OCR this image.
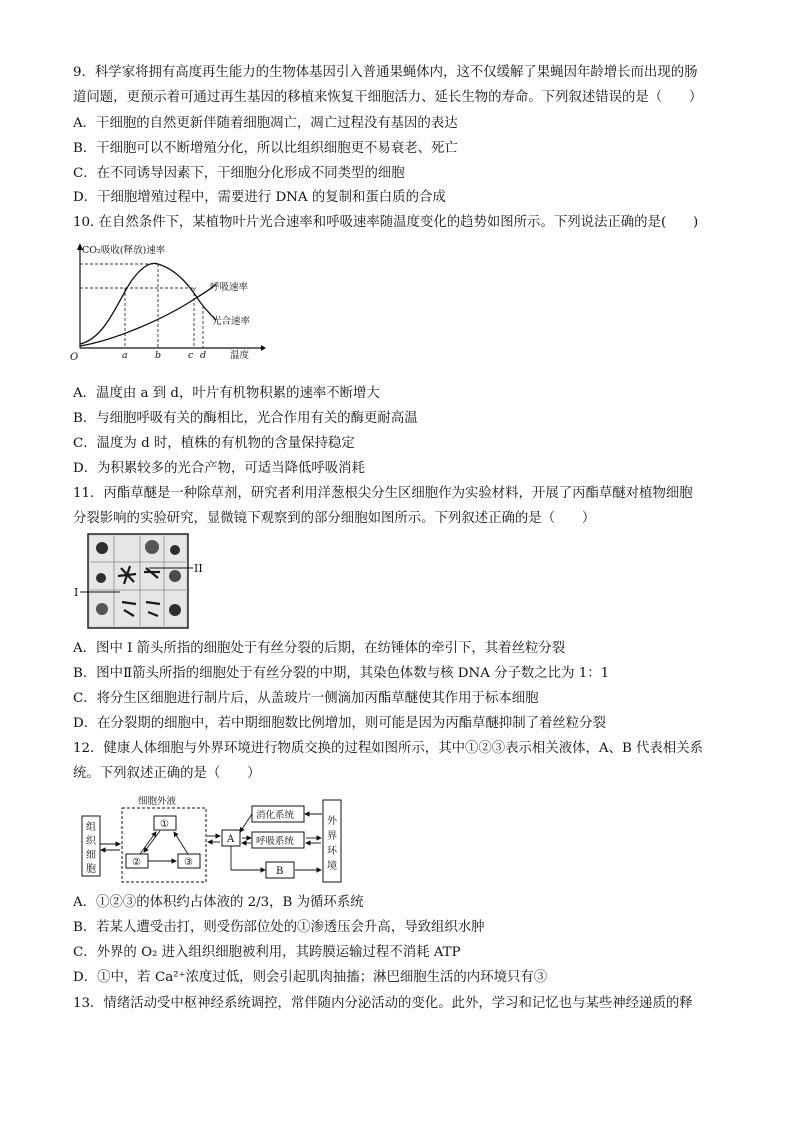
9．科学家将拥有高度再生能力的生物体基因引入普通果蝇体内，这不仅缓解了果蝇因年龄增长而出现的肠
道问题，更预示着可通过再生基因的移植来恢复干细胞活力、延长生物的寿命。下列叙述错误的是（　　）
A．干细胞的自然更新伴随着细胞凋亡，凋亡过程没有基因的表达
B．干细胞可以不断增殖分化，所以比组织细胞更不易衰老、死亡
C．在不同诱导因素下，干细胞分化形成不同类型的细胞
D．干细胞增殖过程中，需要进行 DNA 的复制和蛋白质的合成
10. 在自然条件下，某植物叶片光合速率和呼吸速率随温度变化的趋势如图所示。下列说法正确的是(　　)
CO₂吸收(释放)速率
O	a	b	c d
呼吸速率
光合速率
温度
A．温度由 a 到 d，叶片有机物积累的速率不断增大
B．与细胞呼吸有关的酶相比，光合作用有关的酶更耐高温
C．温度为 d 时，植株的有机物的含量保持稳定
D．为积累较多的光合产物，可适当降低呼吸消耗
11．丙酯草醚是一种除草剂，研究者利用洋葱根尖分生区细胞作为实验材料，开展了丙酯草醚对植物细胞
分裂影响的实验研究，显微镜下观察到的部分细胞如图所示。下列叙述正确的是（　　）
II
I
A．图中 I 箭头所指的细胞处于有丝分裂的后期，在纺锤体的牵引下，其着丝粒分裂
B．图中Ⅱ箭头所指的细胞处于有丝分裂的中期，其染色体数与核 DNA 分子数之比为 1：1
C．将分生区细胞进行制片后，从盖玻片一侧滴加丙酯草醚使其作用于标本细胞
D．在分裂期的细胞中，若中期细胞数比例增加，则可能是因为丙酯草醚抑制了着丝粒分裂
12．健康人体细胞与外界环境进行物质交换的过程如图所示，其中①②③表示相关液体，A、B 代表相关系
统。下列叙述正确的是（　　）
组
织
细
胞
细胞外液
①
②	③
A
消化系统
呼吸系统
B
外
界
环
境
A．①②③的体积约占体液的 2/3，B 为循环系统
B．若某人遭受击打，则受伤部位处的①渗透压会升高，导致组织水肿
C．外界的 O₂ 进入组织细胞被利用，其跨膜运输过程不消耗 ATP
D．①中，若 Ca²⁺浓度过低，则会引起肌肉抽搐；淋巴细胞生活的内环境只有③
13．情绪活动受中枢神经系统调控，常伴随内分泌活动的变化。此外，学习和记忆也与某些神经递质的释
